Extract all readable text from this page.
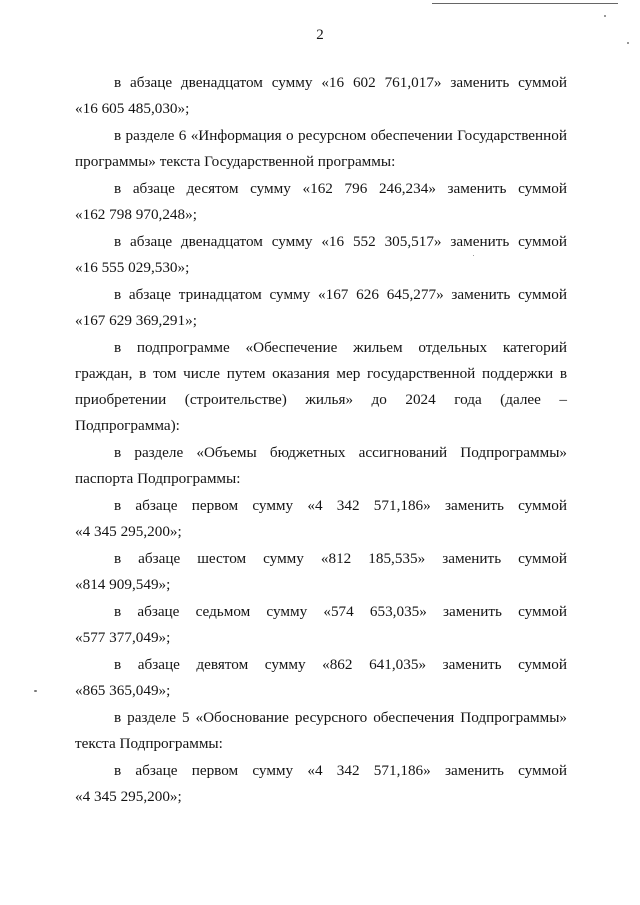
2
в абзаце двенадцатом сумму «16 602 761,017» заменить суммой
«16 605 485,030»;
в разделе 6 «Информация о ресурсном обеспечении Государственной
программы» текста Государственной программы:
в абзаце десятом сумму «162 796 246,234» заменить суммой
«162 798 970,248»;
в абзаце двенадцатом сумму «16 552 305,517» заменить суммой
«16 555 029,530»;
в абзаце тринадцатом сумму «167 626 645,277» заменить суммой
«167 629 369,291»;
в подпрограмме «Обеспечение жильем отдельных категорий
граждан, в том числе путем оказания мер государственной поддержки в
приобретении (строительстве) жилья» до 2024 года (далее –
Подпрограмма):
в разделе «Объемы бюджетных ассигнований Подпрограммы»
паспорта Подпрограммы:
в абзаце первом сумму «4 342 571,186» заменить суммой
«4 345 295,200»;
в абзаце шестом сумму «812 185,535» заменить суммой
«814 909,549»;
в абзаце седьмом сумму «574 653,035» заменить суммой
«577 377,049»;
в абзаце девятом сумму «862 641,035» заменить суммой
«865 365,049»;
в разделе 5 «Обоснование ресурсного обеспечения Подпрограммы»
текста Подпрограммы:
в абзаце первом сумму «4 342 571,186» заменить суммой
«4 345 295,200»;
